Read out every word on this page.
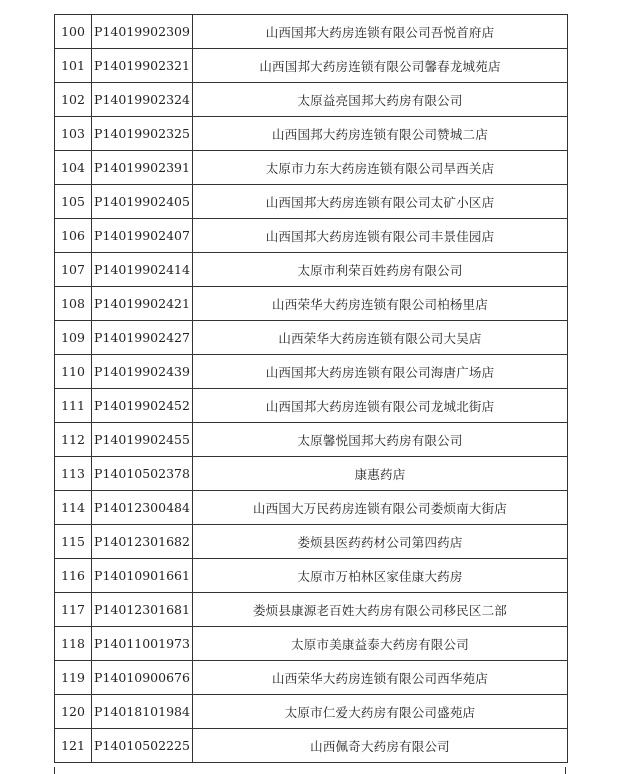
100	P14019902309	山西国邦大药房连锁有限公司吾悦首府店
101	P14019902321	山西国邦大药房连锁有限公司馨春龙城苑店
102	P14019902324	太原益亮国邦大药房有限公司
103	P14019902325	山西国邦大药房连锁有限公司赞城二店
104	P14019902391	太原市力东大药房连锁有限公司旱西关店
105	P14019902405	山西国邦大药房连锁有限公司太矿小区店
106	P14019902407	山西国邦大药房连锁有限公司丰景佳园店
107	P14019902414	太原市利荣百姓药房有限公司
108	P14019902421	山西荣华大药房连锁有限公司柏杨里店
109	P14019902427	山西荣华大药房连锁有限公司大吴店
110	P14019902439	山西国邦大药房连锁有限公司海唐广场店
111	P14019902452	山西国邦大药房连锁有限公司龙城北街店
112	P14019902455	太原馨悦国邦大药房有限公司
113	P14010502378	康惠药店
114	P14012300484	山西国大万民药房连锁有限公司娄烦南大街店
115	P14012301682	娄烦县医药药材公司第四药店
116	P14010901661	太原市万柏林区家佳康大药房
117	P14012301681	娄烦县康源老百姓大药房有限公司移民区二部
118	P14011001973	太原市美康益泰大药房有限公司
119	P14010900676	山西荣华大药房连锁有限公司西华苑店
120	P14018101984	太原市仁爱大药房有限公司盛苑店
121	P14010502225	山西佩奇大药房有限公司
